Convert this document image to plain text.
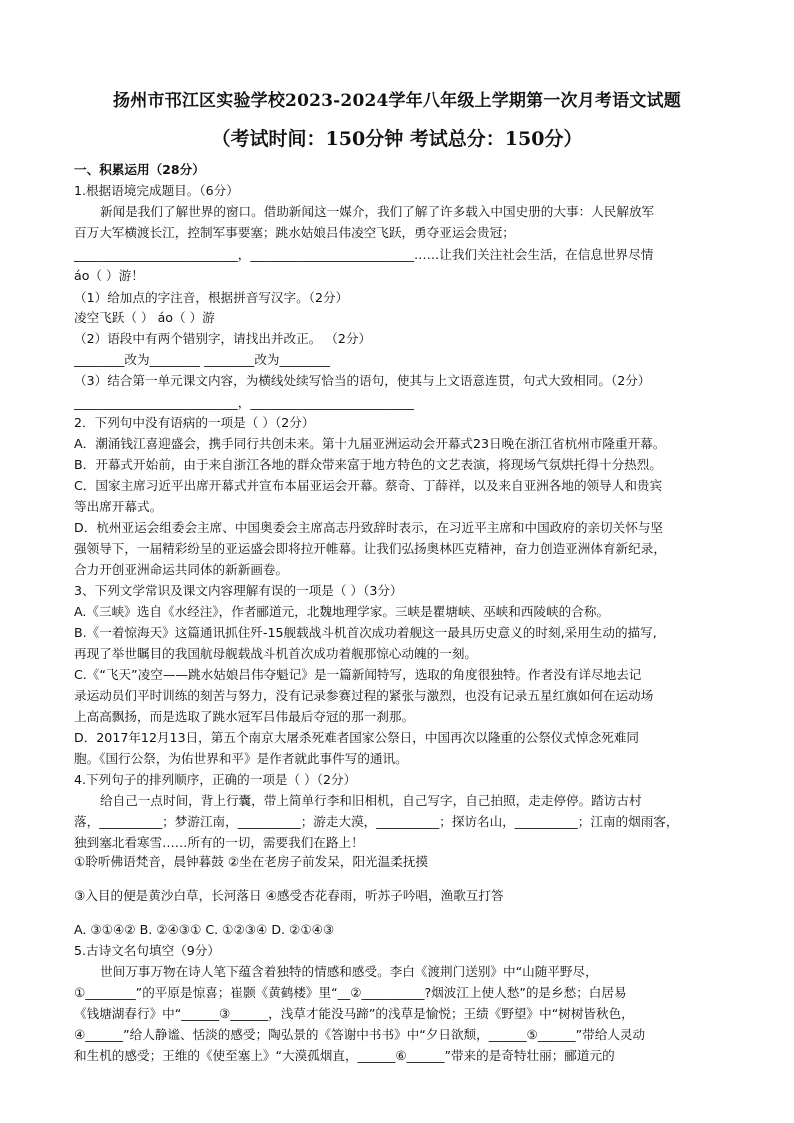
扬州市邗江区实验学校2023-2024学年八年级上学期第一次月考语文试题
（考试时间：150分钟 考试总分：150分）
一、积累运用（28分）
1.根据语境完成题目。（6分）
新闻是我们了解世界的窗口。借助新闻这一媒介，我们了解了许多载入中国史册的大事：人民解放军
百万大军横渡长江，控制军事要塞；跳水姑娘吕伟凌空飞跃，勇夺亚运会贵冠；
__________________________，__________________________……让我们关注社会生活，在信息世界尽情
áo（ ）游！
（1）给加点的字注音，根据拼音写汉字。（2分）
凌空飞跃（ ） áo（ ）游
（2）语段中有两个错别字，请找出并改正。 （2分）
________改为________ ________改为________
（3）结合第一单元课文内容，为横线处续写恰当的语句，使其与上文语意连贯，句式大致相同。（2分）
__________________________，__________________________
2．下列句中没有语病的一项是（ ）（2分）
A．潮涌钱江喜迎盛会，携手同行共创未来。第十九届亚洲运动会开幕式23日晚在浙江省杭州市隆重开幕。
B．开幕式开始前，由于来自浙江各地的群众带来富于地方特色的文艺表演，将现场气氛烘托得十分热烈。
C．国家主席习近平出席开幕式并宣布本届亚运会开幕。蔡奇、丁薛祥，以及来自亚洲各地的领导人和贵宾
等出席开幕式。
D．杭州亚运会组委会主席、中国奥委会主席高志丹致辞时表示，在习近平主席和中国政府的亲切关怀与坚
强领导下，一届精彩纷呈的亚运盛会即将拉开帷幕。让我们弘扬奥林匹克精神，奋力创造亚洲体育新纪录，
合力开创亚洲命运共同体的新新画卷。
3、下列文学常识及课文内容理解有误的一项是（ ）（3分）
A.《三峡》选自《水经注》，作者郦道元，北魏地理学家。三峡是瞿塘峡、巫峡和西陵峡的合称。
B.《一着惊海天》这篇通讯抓住歼-15舰载战斗机首次成功着舰这一最具历史意义的时刻,采用生动的描写,
再现了举世瞩目的我国航母舰载战斗机首次成功着舰那惊心动魄的一刻。
C.《“飞天”凌空——跳水姑娘吕伟夺魁记》是一篇新闻特写，选取的角度很独特。作者没有详尽地去记
录运动员们平时训练的刻苦与努力，没有记录参赛过程的紧张与激烈，也没有记录五星红旗如何在运动场
上高高飘扬，而是选取了跳水冠军吕伟最后夺冠的那一刹那。
D．2017年12月13日，第五个南京大屠杀死难者国家公祭日，中国再次以隆重的公祭仪式悼念死难同
胞。《国行公祭，为佑世界和平》是作者就此事件写的通讯。
4.下列句子的排列顺序，正确的一项是（ ）（2分）
给自己一点时间，背上行囊，带上简单行李和旧相机，自己写字，自己拍照，走走停停。踏访古村
落，__________；梦游江南，__________；游走大漠，__________；探访名山，__________；江南的烟雨客，
独到塞北看寒雪……所有的一切，需要我们在路上！
①聆听佛语梵音，晨钟暮鼓 ②坐在老房子前发呆，阳光温柔抚摸
③入目的便是黄沙白草，长河落日 ④感受杏花春雨，听苏子吟唱，渔歌互打答
A. ③①④② B. ②④③① C. ①②③④ D. ②①④③
5.古诗文名句填空（9分）
世间万事万物在诗人笔下蕴含着独特的情感和感受。李白《渡荆门送别》中“山随平野尽，
①________”的平原是惊喜；崔颢《黄鹤楼》里“__②__________?烟波江上使人愁”的是乡愁；白居易
《钱塘湖春行》中“______③______，浅草才能没马蹄”的浅草是愉悦；王绩《野望》中“树树皆秋色，
④______”给人静谧、恬淡的感受；陶弘景的《答谢中书书》中“夕日欲颓，______⑤______”带给人灵动
和生机的感受；王维的《使至塞上》“大漠孤烟直，______⑥______”带来的是奇特壮丽；郦道元的
